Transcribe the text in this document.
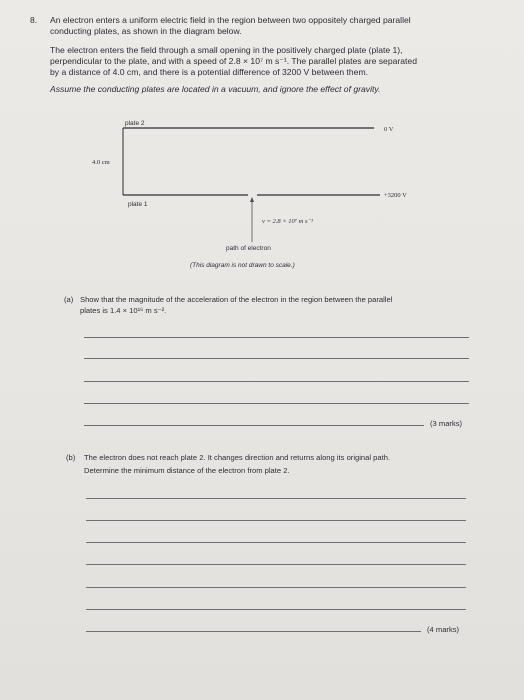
8. An electron enters a uniform electric field in the region between two oppositely charged parallel
conducting plates, as shown in the diagram below.
The electron enters the field through a small opening in the positively charged plate (plate 1),
perpendicular to the plate, and with a speed of 2.8 × 10⁷ m s⁻¹. The parallel plates are separated
by a distance of 4.0 cm, and there is a potential difference of 3200 V between them.
Assume the conducting plates are located in a vacuum, and ignore the effect of gravity.
plate 2
0 V
4.0 cm
plate 1
+3200 V
v = 2.8 × 10⁷ m s⁻¹
path of electron
(This diagram is not drawn to scale.)
(a) Show that the magnitude of the acceleration of the electron in the region between the parallel
plates is 1.4 × 10¹⁶ m s⁻².
(3 marks)
(b) The electron does not reach plate 2. It changes direction and returns along its original path.
Determine the minimum distance of the electron from plate 2.
(4 marks)
